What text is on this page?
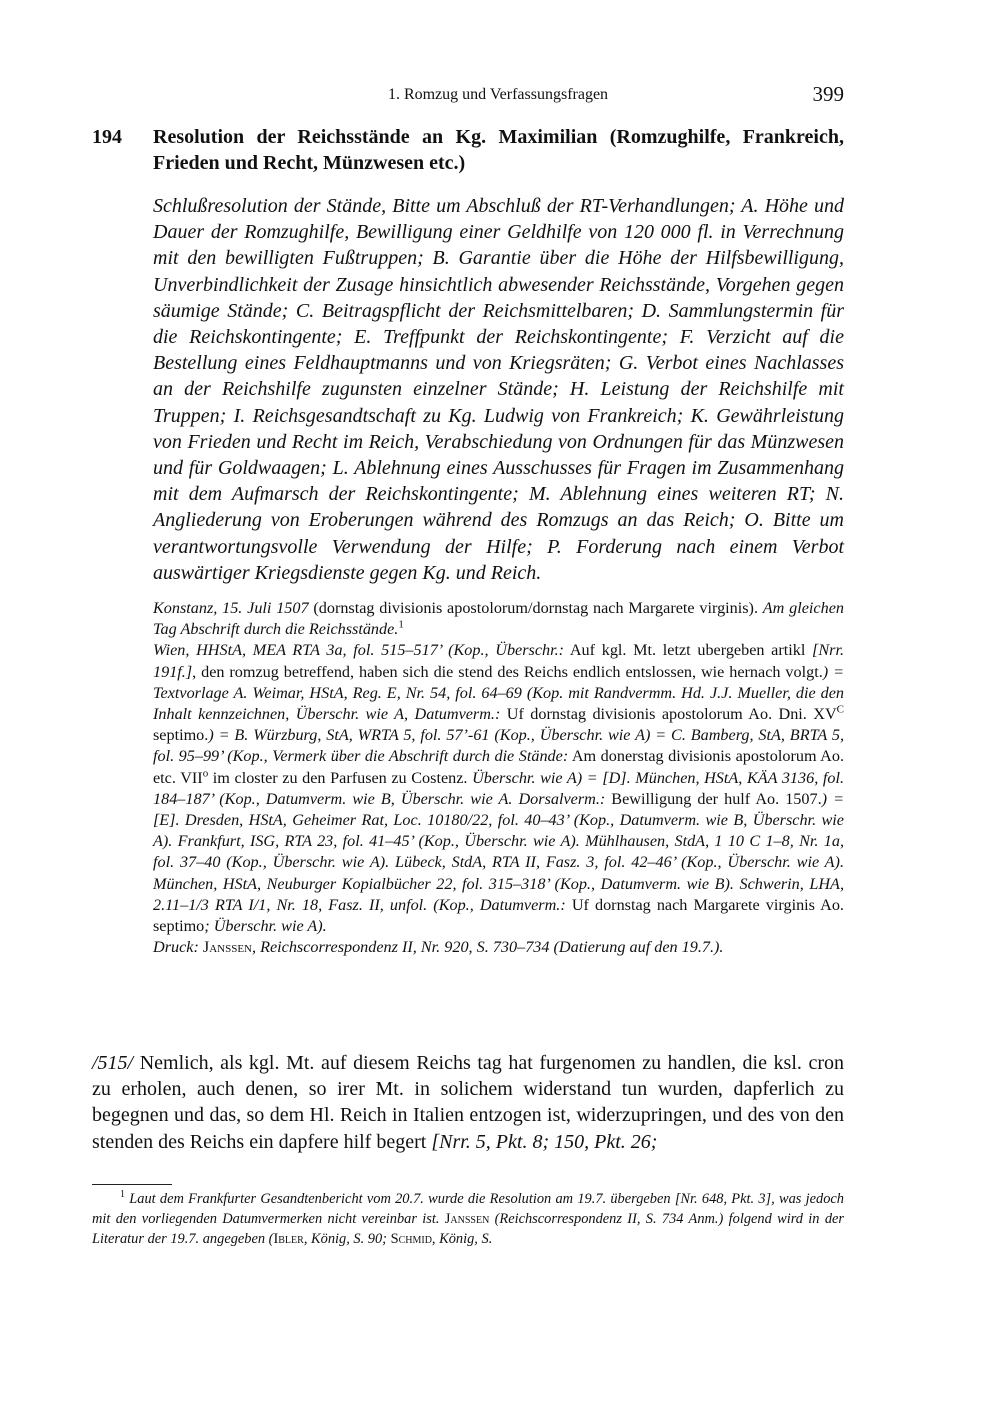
1. Romzug und Verfassungsfragen	399
194 Resolution der Reichsstände an Kg. Maximilian (Romzughilfe, Frankreich, Frieden und Recht, Münzwesen etc.)
Schlußresolution der Stände, Bitte um Abschluß der RT-Verhandlungen; A. Höhe und Dauer der Romzughilfe, Bewilligung einer Geldhilfe von 120 000 fl. in Verrechnung mit den bewilligten Fußtruppen; B. Garantie über die Höhe der Hilfsbewilligung, Unverbindlichkeit der Zusage hinsichtlich abwesender Reichsstände, Vorgehen gegen säumige Stände; C. Beitragspflicht der Reichsmittelbaren; D. Sammlungstermin für die Reichskontingente; E. Treffpunkt der Reichskontingente; F. Verzicht auf die Bestellung eines Feldhauptmanns und von Kriegsräten; G. Verbot eines Nachlasses an der Reichshilfe zugunsten einzelner Stände; H. Leistung der Reichshilfe mit Truppen; I. Reichsgesandtschaft zu Kg. Ludwig von Frankreich; K. Gewährleistung von Frieden und Recht im Reich, Verabschiedung von Ordnungen für das Münzwesen und für Goldwaagen; L. Ablehnung eines Ausschusses für Fragen im Zusammenhang mit dem Aufmarsch der Reichskontingente; M. Ablehnung eines weiteren RT; N. Angliederung von Eroberungen während des Romzugs an das Reich; O. Bitte um verantwortungsvolle Verwendung der Hilfe; P. Forderung nach einem Verbot auswärtiger Kriegsdienste gegen Kg. und Reich.
Konstanz, 15. Juli 1507 (dornstag divisionis apostolorum/dornstag nach Margarete virginis). Am gleichen Tag Abschrift durch die Reichsstände.$^1$
Wien, HHStA, MEA RTA 3a, fol. 515–517’ (Kop., Überschr.: Auf kgl. Mt. letzt ubergeben artikl [Nrr. 191f.], den romzug betreffend, haben sich die stend des Reichs endlich entslossen, wie hernach volgt.) = Textvorlage A. Weimar, HStA, Reg. E, Nr. 54, fol. 64–69 (Kop. mit Randvermm. Hd. J.J. Mueller, die den Inhalt kennzeichnen, Überschr. wie A, Datumverm.: Uf dornstag divisionis apostolorum Ao. Dni. $XV^C$ septimo.) = B. Würzburg, StA, WRTA 5, fol. 57’-61 (Kop., Überschr. wie A) = C. Bamberg, StA, BRTA 5, fol. 95–99’ (Kop., Vermerk über die Abschrift durch die Stände: Am donerstag divisionis apostolorum Ao. etc. VII$^o$ im closter zu den Parfusen zu Costenz. Überschr. wie A) = [D]. München, HStA, KÄA 3136, fol. 184–187’ (Kop., Datumverm. wie B, Überschr. wie A. Dorsalverm.: Bewilligung der hulf Ao. 1507.) = [E]. Dresden, HStA, Geheimer Rat, Loc. 10180/22, fol. 40–43’ (Kop., Datumverm. wie B, Überschr. wie A). Frankfurt, ISG, RTA 23, fol. 41–45’ (Kop., Überschr. wie A). Mühlhausen, StdA, 1 10 C 1–8, Nr. 1a, fol. 37–40 (Kop., Überschr. wie A). Lübeck, StdA, RTA II, Fasz. 3, fol. 42–46’ (Kop., Überschr. wie A). München, HStA, Neuburger Kopialbücher 22, fol. 315–318’ (Kop., Datumverm. wie B). Schwerin, LHA, 2.11–1/3 RTA I/1, Nr. 18, Fasz. II, unfol. (Kop., Datumverm.: Uf dornstag nach Margarete virginis Ao. septimo; Überschr. wie A).
Druck: Janssen, Reichscorrespondenz II, Nr. 920, S. 730–734 (Datierung auf den 19.7.).
/515/ Nemlich, als kgl. Mt. auf diesem Reichs tag hat furgenomen zu handlen, die ksl. cron zu erholen, auch denen, so irer Mt. in solichem widerstand tun wurden, dapferlich zu begegnen und das, so dem Hl. Reich in Italien entzogen ist, widerzupringen, und des von den stenden des Reichs ein dapfere hilf begert [Nrr. 5, Pkt. 8; 150, Pkt. 26;
$^1$ Laut dem Frankfurter Gesandtenbericht vom 20.7. wurde die Resolution am 19.7. übergeben [Nr. 648, Pkt. 3], was jedoch mit den vorliegenden Datumvermerken nicht vereinbar ist. Janssen (Reichscorrespondenz II, S. 734 Anm.) folgend wird in der Literatur der 19.7. angegeben (Ibler, König, S. 90; Schmid, König, S.
